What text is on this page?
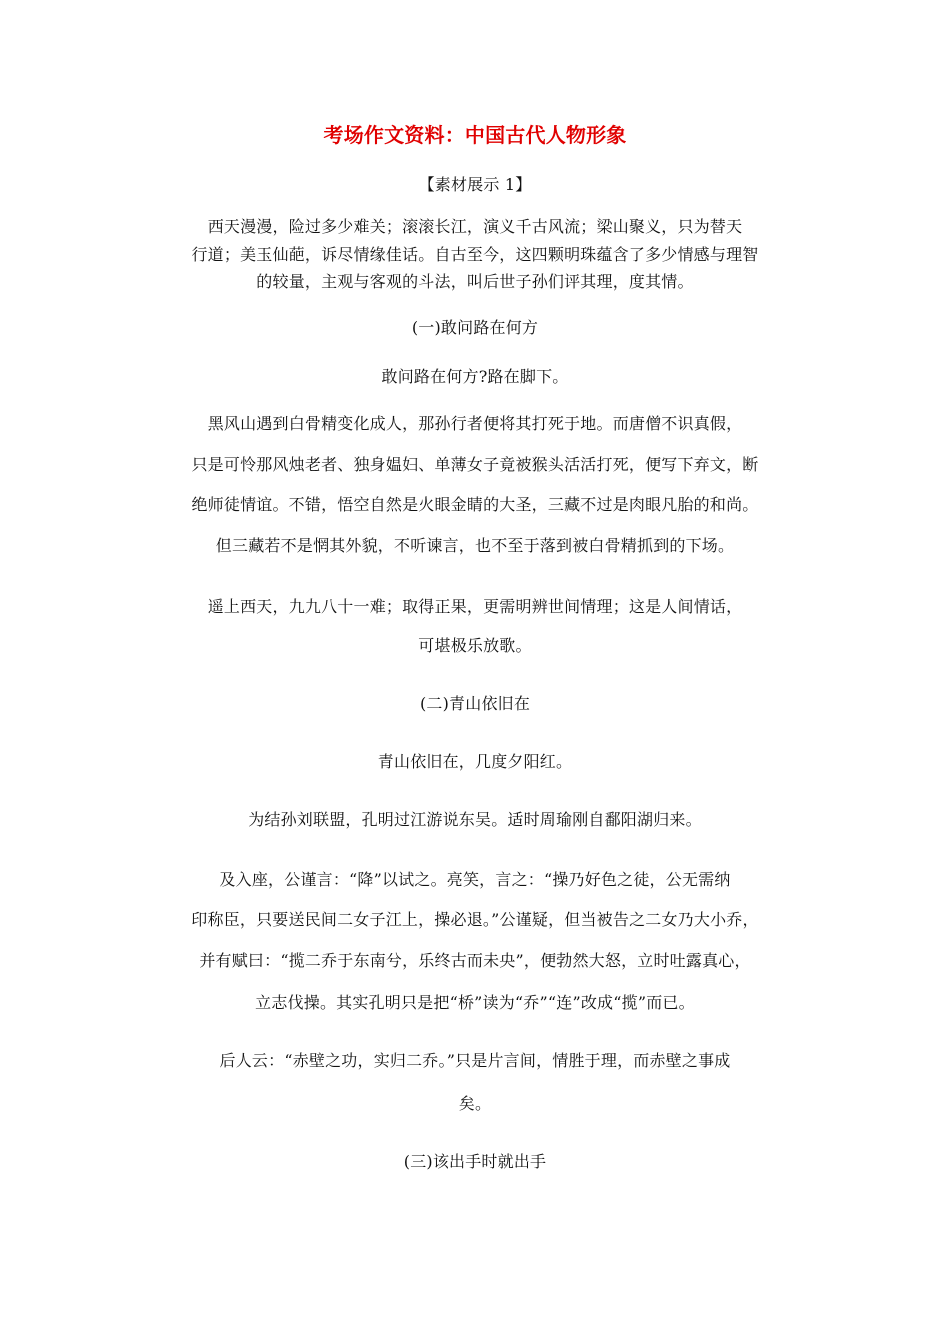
考场作文资料：中国古代人物形象
【素材展示 1】
西天漫漫，险过多少难关；滚滚长江，演义千古风流；梁山聚义，只为替天
行道；美玉仙葩，诉尽情缘佳话。自古至今，这四颗明珠蕴含了多少情感与理智
的较量，主观与客观的斗法，叫后世子孙们评其理，度其情。
(一)敢问路在何方
敢问路在何方?路在脚下。
黑风山遇到白骨精变化成人，那孙行者便将其打死于地。而唐僧不识真假，
只是可怜那风烛老者、独身媪妇、单薄女子竟被猴头活活打死，便写下弃文，断
绝师徒情谊。不错，悟空自然是火眼金睛的大圣，三藏不过是肉眼凡胎的和尚。
但三藏若不是惘其外貌，不听谏言，也不至于落到被白骨精抓到的下场。
遥上西天，九九八十一难；取得正果，更需明辨世间情理；这是人间情话，
可堪极乐放歌。
(二)青山依旧在
青山依旧在，几度夕阳红。
为结孙刘联盟，孔明过江游说东吴。适时周瑜刚自鄱阳湖归来。
及入座，公谨言：“降”以试之。亮笑，言之：“操乃好色之徒，公无需纳
印称臣，只要送民间二女子江上，操必退。”公谨疑，但当被告之二女乃大小乔，
并有赋曰：“揽二乔于东南兮，乐终古而未央”，便勃然大怒，立时吐露真心，
立志伐操。其实孔明只是把“桥”读为“乔”“连”改成“揽”而已。
后人云：“赤壁之功，实归二乔。”只是片言间，情胜于理，而赤壁之事成
矣。
(三)该出手时就出手
